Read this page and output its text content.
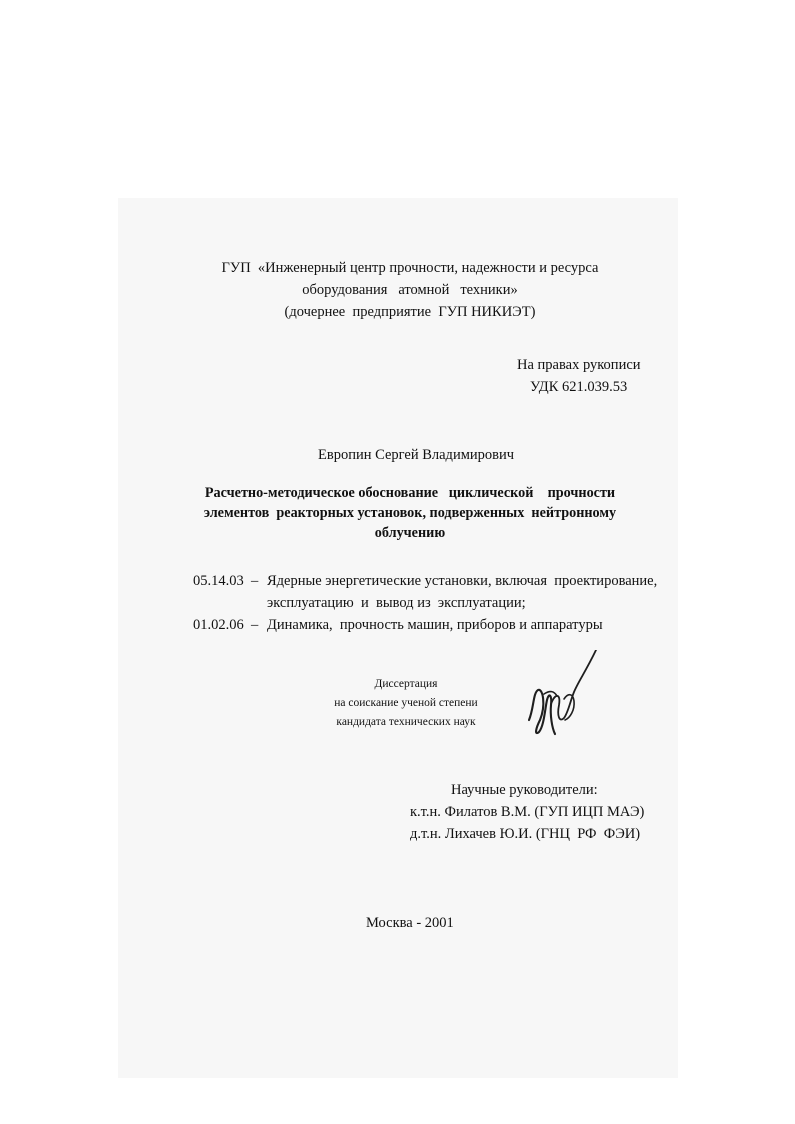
ГУП  «Инженерный центр прочности, надежности и ресурса
оборудования   атомной   техники»
(дочернее  предприятие  ГУП НИКИЭТ)
На правах рукописи
УДК 621.039.53
Европин Сергей Владимирович
Расчетно-методическое обоснование   циклической    прочности
элементов  реакторных установок, подверженных  нейтронному
облучению
05.14.03  – Ядерные энергетические установки, включая  проектирование,
эксплуатацию  и  вывод из  эксплуатации;
01.02.06  – Динамика,  прочность машин, приборов и аппаратуры
Диссертация
на соискание ученой степени
кандидата технических наук
Научные руководители:
к.т.н. Филатов В.М. (ГУП ИЦП МАЭ)
д.т.н. Лихачев Ю.И. (ГНЦ  РФ  ФЭИ)
Москва - 2001
